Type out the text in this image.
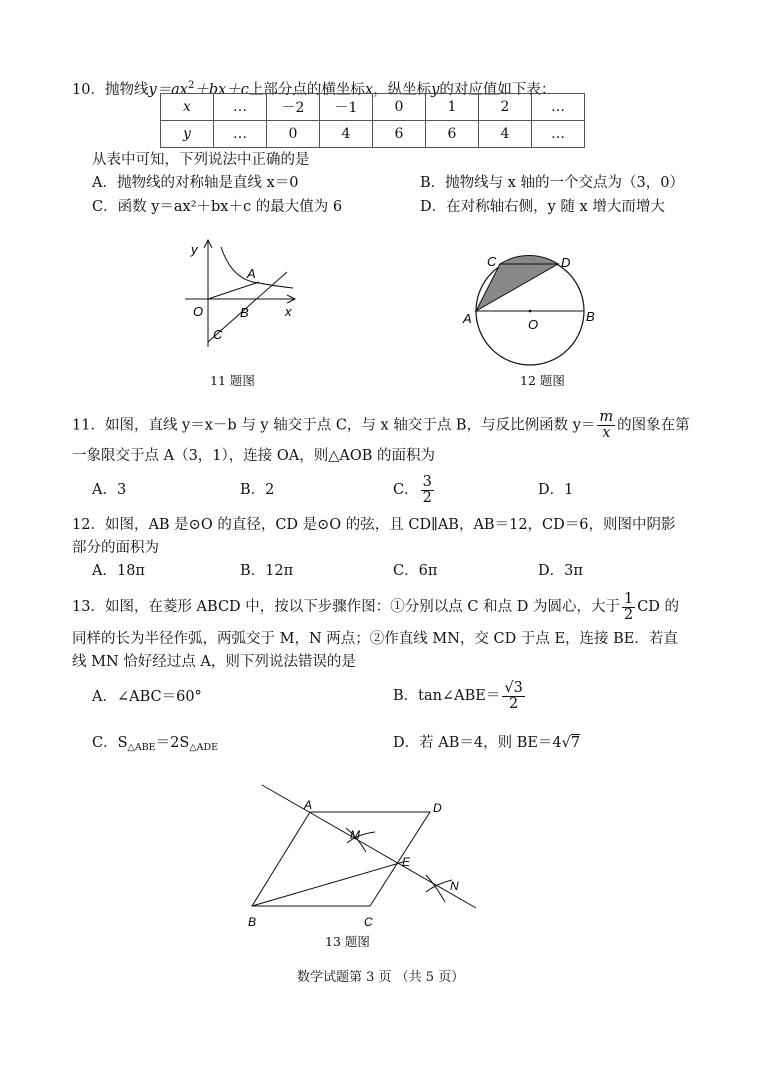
10．抛物线$y=ax^2+bx+c$上部分点的横坐标x，纵坐标y的对应值如下表：
x	…	－2	－1	0	1	2	…
y	…	0	4	6	6	4	…
从表中可知，下列说法中正确的是
A．抛物线的对称轴是直线 x＝0	B．抛物线与 x 轴的一个交点为（3，0）
C．函数 y＝ax²＋bx＋c 的最大值为 6	D．在对称轴右侧，y 随 x 增大而增大
y
x
O
A
B
C
11 题图
A	B
C	D
O
12 题图
11．如图，直线 y＝x－b 与 y 轴交于点 C，与 x 轴交于点 B，与反比例函数 $y= \frac{m}{x}$ 的图象在第
一象限交于点 A（3，1），连接 OA，则△AOB 的面积为
A．3	B．2	C． $\frac{3}{2}$	D．1
12．如图，AB 是⊙O 的直径，CD 是⊙O 的弦，且 CD∥AB，AB＝12，CD＝6，则图中阴影
部分的面积为
A．18π	B．12π	C．6π	D．3π
13．如图，在菱形 ABCD 中，按以下步骤作图：①分别以点 C 和点 D 为圆心，大于 $\frac{1}{2}$ CD 的
同样的长为半径作弧，两弧交于 M，N 两点；②作直线 MN，交 CD 于点 E，连接 BE．若直
线 MN 恰好经过点 A，则下列说法错误的是
A．∠ABC＝60°	B．tan∠ABE＝ $\frac{√3}{2}$
C．$S_{\triangle ABE}=2S_{\triangle ADE}$	D．若 AB＝4，则 BE＝4√7
A	D
B	C
E
M
N
13 题图
数学试题第 3 页 （共 5 页）
